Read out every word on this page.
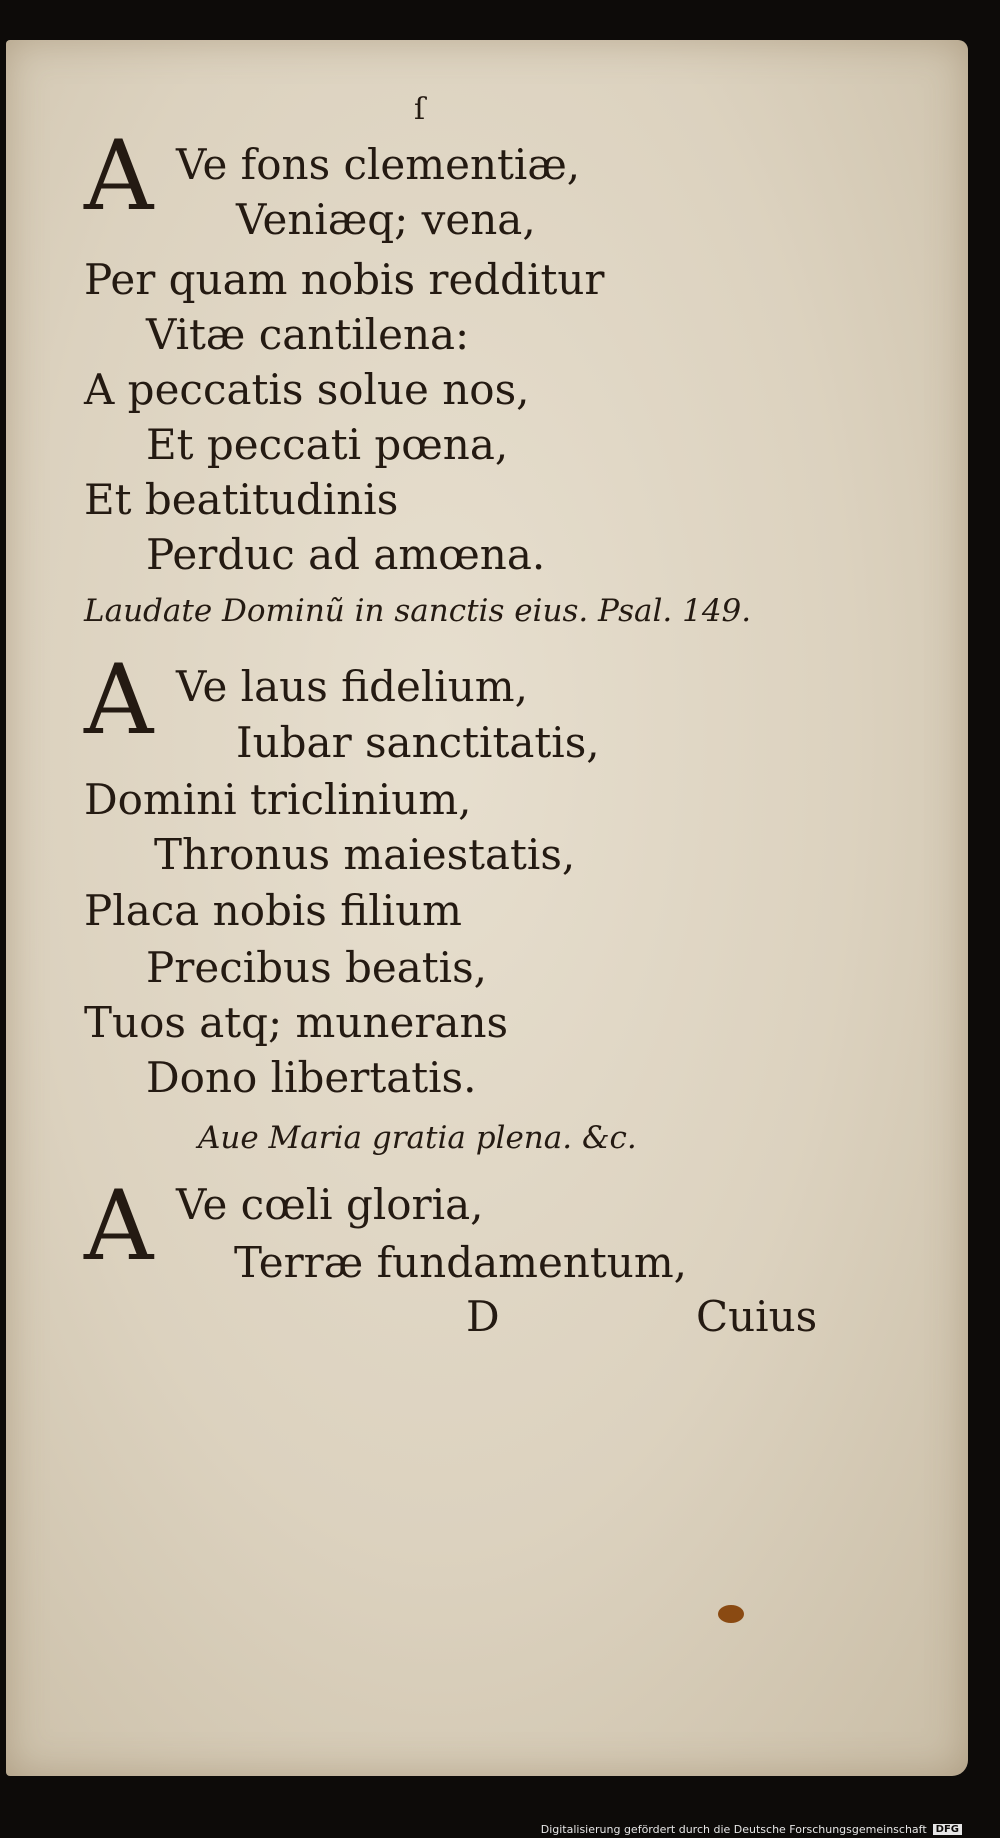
ſ
A Ve fons clementiæ,
Veniæq; vena,
Per quam nobis redditur
Vitæ cantilena:
A peccatis solue nos,
Et peccati pœna,
Et beatitudinis
Perduc ad amœna.
Laudate Dominũ in sanctis eius. Psal. 149.
A Ve laus fidelium,
Iubar sanctitatis,
Domini triclinium,
Thronus maiestatis,
Placa nobis filium
Precibus beatis,
Tuos atq; munerans
Dono libertatis.
Aue Maria gratia plena. &c.
A Ve cœli gloria,
Terræ fundamentum,
D	Cuius
Digitalisierung gefördert durch die Deutsche Forschungsgemeinschaft DFG
